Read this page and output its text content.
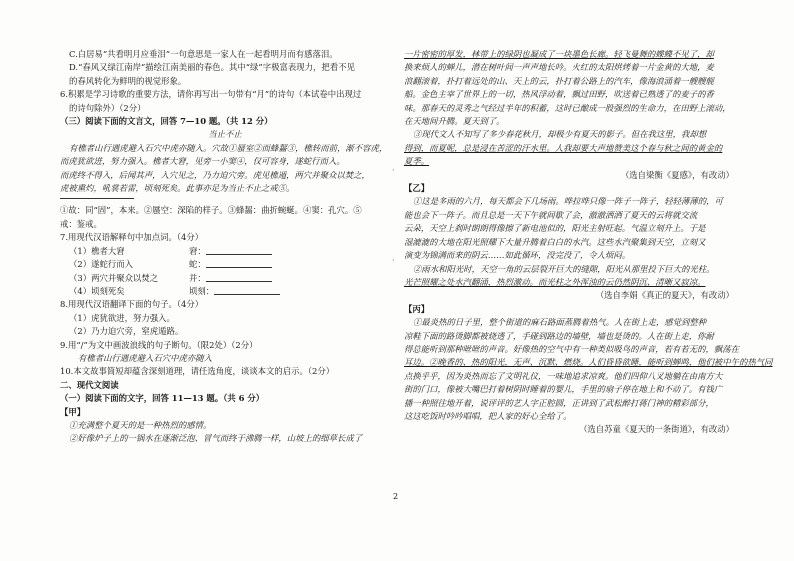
C.白居易“共看明月应垂泪”一句意思是一家人在一起看明月而有感落泪。
D.“春风又绿江南岸”描绘江南美丽的春色。其中“绿”字极富表现力，把看不见
的春风转化为鲜明的视觉形象。
6.积累是学习诗歌的重要方法，请你再写出一句带有“月”的诗句（本试卷中出现过
的诗句除外）（2分）
（三）阅读下面的文言文，回答 7—10 题。（共 12 分）
当止不止
有樵者山行遇虎避入石穴中虎亦随入。穴故①蜃室②而蜂齧③，樵转而前，渐不容虎，
而虎犹欲进，努力强入。樵者大窘，见旁一小窦④，仅可容身，遂蛇行而入。
而虎终不得入，后闻其声，入穴见之，乃力迫穴旁。虎见樵遁，两穴并聚众以焚之，
虎被熏灼，吼裳若雷，顷刻死矣。此事亦足为当止不止之戒⑤。
①故：同“固”，本来。②蜃空：深陷的样子。③蜂齧：曲折蜿蜒。④窦：孔穴。⑤
戒：鉴戒。
7.用现代汉语解释句中加点词。（4分）
（1）樵者大窘	窘：
（2）遂蛇行而入	蛇：
（3）两穴并聚众以焚之	并：
（4）顷刻死矣	顷刻：
8.用现代汉语翻译下面的句子。（4分）
（1）虎犹欲进，努力强入。
（2）乃力迫穴旁，窒虎遁路。
9.用“/”为文中画波浪线的句子断句。（限2处）（2分）
有樵者山行遇虎避入石穴中虎亦随入
10.本文故事简短却蕴含深刻道理，请任选角度，谈谈本文的启示。（2分）
二、现代文阅读
（一）阅读下面的文字，回答 11—13 题。（共 6 分）
【甲】
①充满整个夏天的是一种热烈的感情。
②好像炉子上的一锅水在逐渐泛泡、冒气而终于沸腾一样，山坡上的细草长成了
一片密密的厚发，林带上的绿阴也凝成了一块墨色长廊。轻飞曼舞的蝶蝶不见了，却
换来烦人的蝉儿，潜在树叶间一声声地长吟。火红的太阳烘烤着一片金黄的大地，麦
浪翻滚着，扑打着远处的山、天上的云，扑打着公路上的汽车，像海浪涌着一艘艘舰
船。金色主宰了世界上的一切，热风浮动着，飘过田野，吹送着已熟透了的麦子的香
味。那春天的灵秀之气经过半年的积蓄，这时已酿成一股强烈的生命力，在田野上滚动，
在天地间升腾。夏天到了。
③现代文人不知写了多少春花秋月，却极少有夏天的影子。但在我这里，我却想
得到，而夏呢，总是浸在苦涩的汗水里。人我却要大声地赞美这个春与秋之间的黄金的
夏季。
（选自梁衡《夏感》，有改动）
【乙】
①这是多雨的六月，每天都会下几场雨。哗拉哗只像一阵子一阵子，轻轻薄薄的，可
能也会下一阵子。而且总是一天下午就间歇了会，澈澈洒洒了夏天的云将就交流
云朵，天空上刹时朗朗得像擦了新电池似的，阳光主射旺起。气温立刻升上。于是
湿漉漉的大地在阳光照耀下大量升腾着白白的水汽。这些水汽聚集到天空，立刻又
演变为锦满而来的阴云……如此循环，没完没了，令人烦闷。
②雨水和阳光时，天空一角的云层裂开巨大的缝隙，阳光从那里投下巨大的光柱。
光芒照耀之处水汽翻涌，热烈激动。而光柱之外浑浊的云仍然阴沉、清晰又寂凉。
（选自李娟《真正的夏天》，有改动）
【丙】
①最炎热的日子里，整个街道的麻石路面蒸腾着热气。人在街上走，感觉到整种
凉鞋下面的路烫脚都被烧透了，手碰到路边的墙壁，墙也是烫的。人在街上走，你耐
得总能听到那种咝咝的声音。好像热的空气中有一种类似吸鸟的声音，若有若无的，飘荡在
耳边。②晚香的、热的阳光，无声、沉默、燃烧。人们昏昏欲睡，能听到蝉鸣，他们被中午的热气同
点换乎乎，因为炎热而忘了文明礼仪，一味地追求凉爽。他们四仰八叉地躺在由南方大
街的门口，像被大嘴巴打着树阴时睡着的婴儿，手里的扇子停在地上和不动了。有钱广
播一种照往地开着，说评评的艺人字正腔圆，正讲到了武松醉打蒋门神的精彩部分，
这这吃饭时吟吟唱唱，把人家的好心全给了。
（选自苏童《夏天的一条街道》，有改动）
2
·
·
